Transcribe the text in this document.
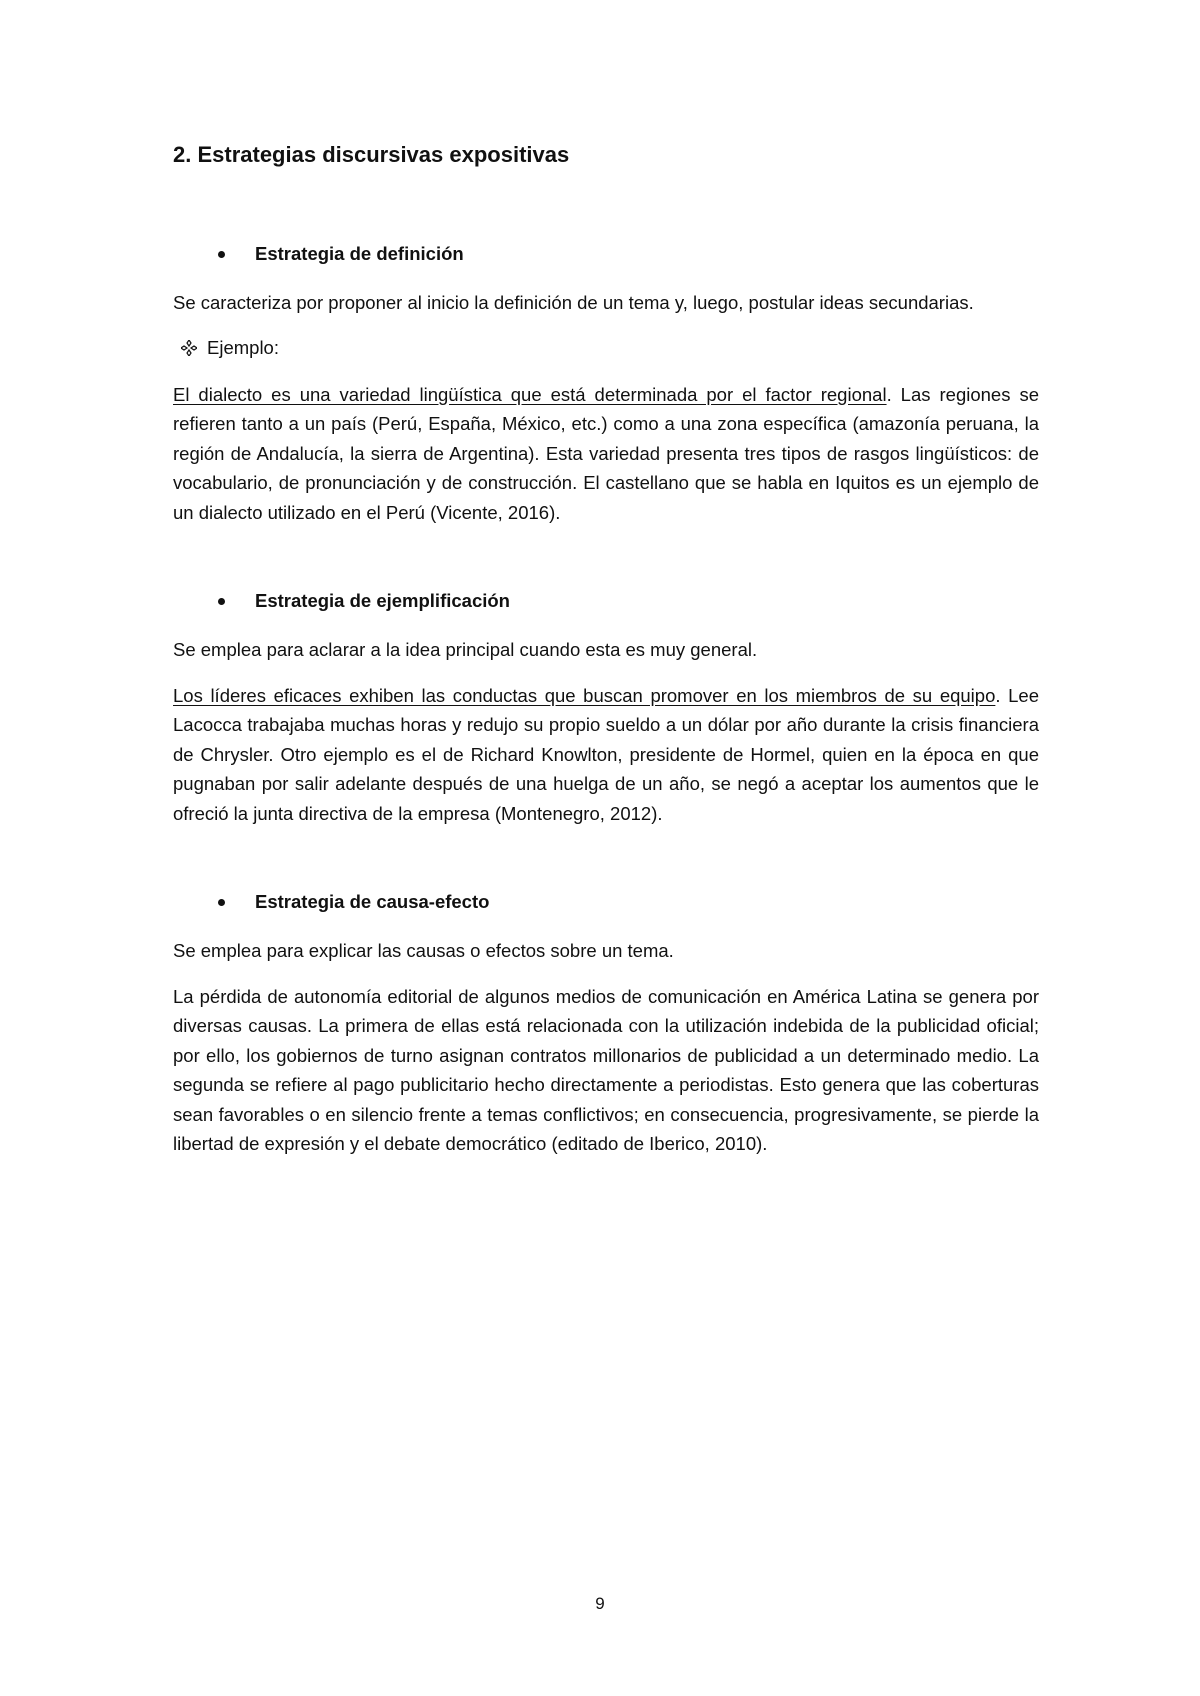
2. Estrategias discursivas expositivas
Estrategia de definición

Se caracteriza por proponer al inicio la definición de un tema y, luego, postular ideas secundarias.

Ejemplo:

El dialecto es una variedad lingüística que está determinada por el factor regional. Las regiones se refieren tanto a un país (Perú, España, México, etc.) como a una zona específica (amazonía peruana, la región de Andalucía, la sierra de Argentina). Esta variedad presenta tres tipos de rasgos lingüísticos: de vocabulario, de pronunciación y de construcción. El castellano que se habla en Iquitos es un ejemplo de un dialecto utilizado en el Perú (Vicente, 2016).

Estrategia de ejemplificación

Se emplea para aclarar a la idea principal cuando esta es muy general.

Los líderes eficaces exhiben las conductas que buscan promover en los miembros de su equipo. Lee Lacocca trabajaba muchas horas y redujo su propio sueldo a un dólar por año durante la crisis financiera de Chrysler. Otro ejemplo es el de Richard Knowlton, presidente de Hormel, quien en la época en que pugnaban por salir adelante después de una huelga de un año, se negó a aceptar los aumentos que le ofreció la junta directiva de la empresa (Montenegro, 2012).

Estrategia de causa-efecto

Se emplea para explicar las causas o efectos sobre un tema.

La pérdida de autonomía editorial de algunos medios de comunicación en América Latina se genera por diversas causas. La primera de ellas está relacionada con la utilización indebida de la publicidad oficial; por ello, los gobiernos de turno asignan contratos millonarios de publicidad a un determinado medio. La segunda se refiere al pago publicitario hecho directamente a periodistas. Esto genera que las coberturas sean favorables o en silencio frente a temas conflictivos; en consecuencia, progresivamente, se pierde la libertad de expresión y el debate democrático (editado de Iberico, 2010).

9
